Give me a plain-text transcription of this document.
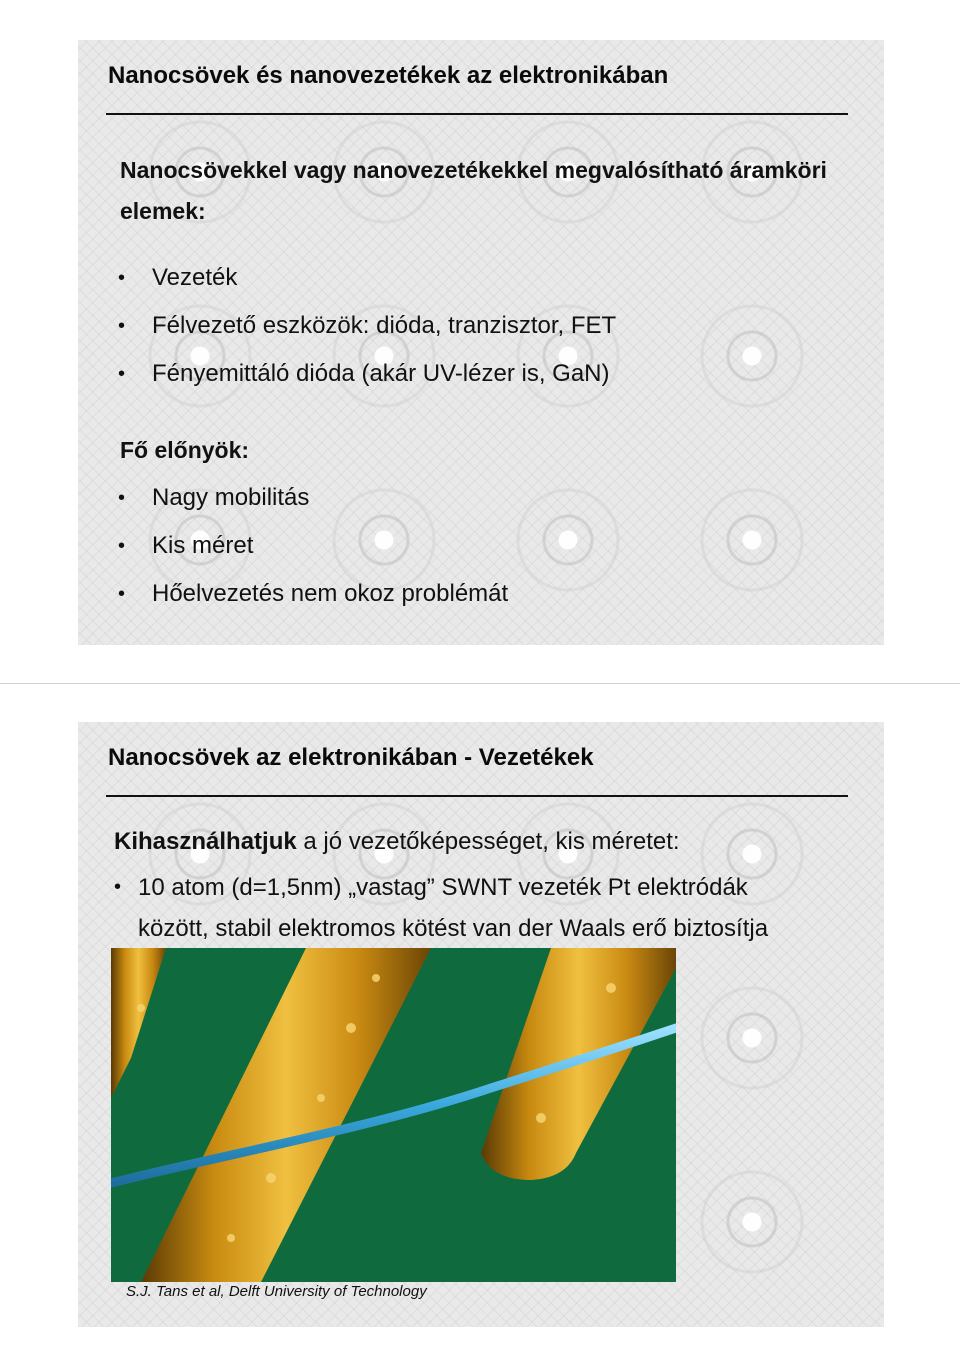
Nanocsövek és nanovezetékek az elektronikában
Nanocsövekkel vagy nanovezetékekkel megvalósítható áramköri elemek:
• Vezeték
• Félvezető eszközök: dióda, tranzisztor, FET
• Fényemittáló dióda (akár UV-lézer is, GaN)
Fő előnyök:
• Nagy mobilitás
• Kis méret
• Hőelvezetés nem okoz problémát
Nanocsövek az elektronikában - Vezetékek
Kihasználhatjuk a jó vezetőképességet, kis méretet:
• 10 atom (d=1,5nm) „vastag” SWNT vezeték Pt elektródák
között, stabil elektromos kötést van der Waals erő biztosítja
S.J. Tans et al, Delft University of Technology
